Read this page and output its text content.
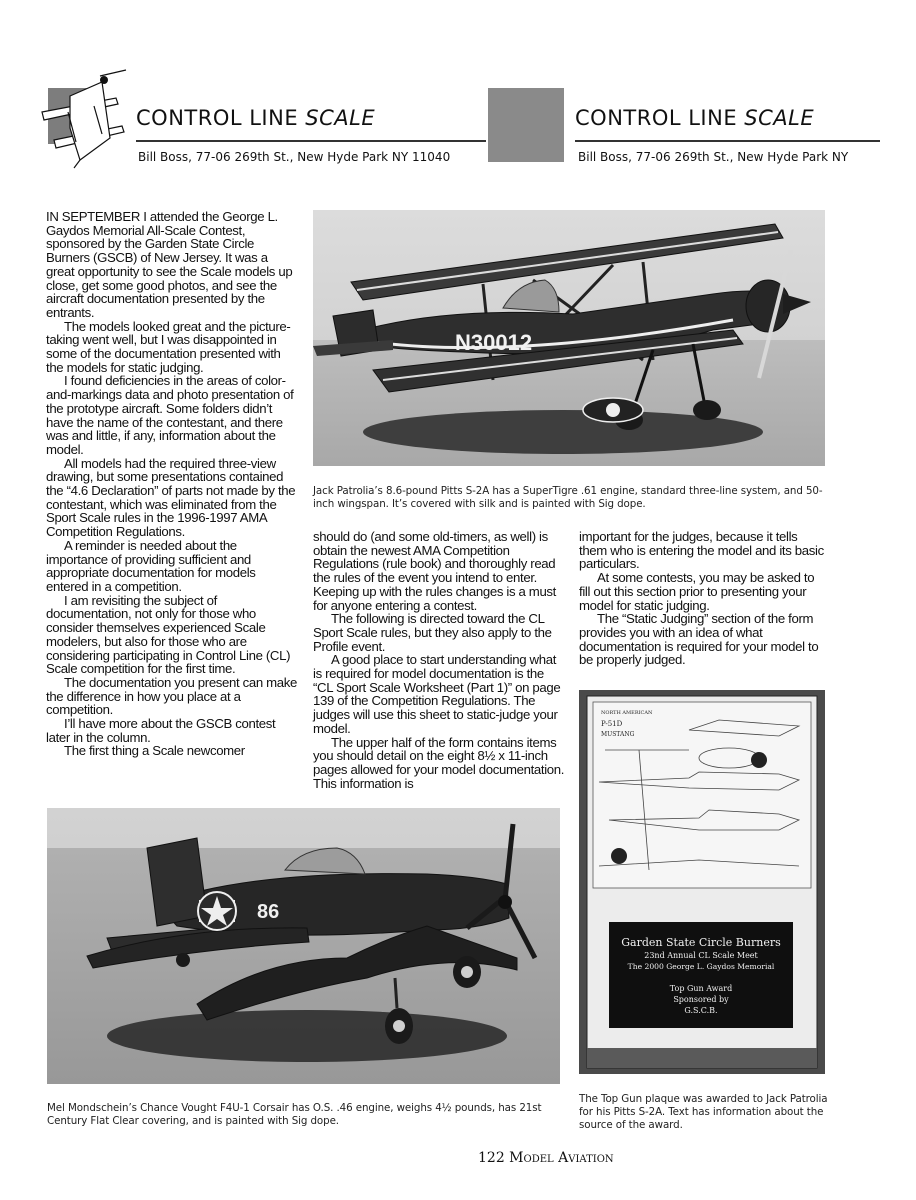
CONTROL LINE SCALE
Bill Boss, 77-06 269th St., New Hyde Park NY 11040
CONTROL LINE SCALE
Bill Boss, 77-06 269th St., New Hyde Park NY

IN SEPTEMBER I attended the George L. Gaydos Memorial All-Scale Contest, sponsored by the Garden State Circle Burners (GSCB) of New Jersey. It was a great opportunity to see the Scale models up close, get some good photos, and see the aircraft documentation presented by the entrants.

The models looked great and the picture-taking went well, but I was disappointed in some of the documentation presented with the models for static judging.

I found deficiencies in the areas of color-and-markings data and photo presentation of the prototype aircraft. Some folders didn’t have the name of the contestant, and there was and little, if any, information about the model.

All models had the required three-view drawing, but some presentations contained the “4.6 Declaration” of parts not made by the contestant, which was eliminated from the Sport Scale rules in the 1996-1997 AMA Competition Regulations.

A reminder is needed about the importance of providing sufficient and appropriate documentation for models entered in a competition.

I am revisiting the subject of documentation, not only for those who consider themselves experienced Scale modelers, but also for those who are considering participating in Control Line (CL) Scale competition for the first time.

The documentation you present can make the difference in how you place at a competition.

I’ll have more about the GSCB contest later in the column.

The first thing a Scale newcomer

should do (and some old-timers, as well) is obtain the newest AMA Competition Regulations (rule book) and thoroughly read the rules of the event you intend to enter. Keeping up with the rules changes is a must for anyone entering a contest.

The following is directed toward the CL Sport Scale rules, but they also apply to the Profile event.

A good place to start understanding what is required for model documentation is the “CL Sport Scale Worksheet (Part 1)” on page 139 of the Competition Regulations. The judges will use this sheet to static-judge your model.

The upper half of the form contains items you should detail on the eight 8½ x 11-inch pages allowed for your model documentation. This information is

important for the judges, because it tells them who is entering the model and its basic particulars.

At some contests, you may be asked to fill out this section prior to presenting your model for static judging.

The “Static Judging” section of the form provides you with an idea of what documentation is required for your model to be properly judged.

N30012
Jack Patrolia’s 8.6-pound Pitts S-2A has a SuperTigre .61 engine, standard three-line system, and 50-inch wingspan. It’s covered with silk and is painted with Sig dope.
86
Mel Mondschein’s Chance Vought F4U-1 Corsair has O.S. .46 engine, weighs 4½ pounds, has 21st Century Flat Clear covering, and is painted with Sig dope.
NORTH AMERICAN
P-51D
MUSTANG
Garden State Circle Burners
23nd Annual CL Scale Meet
The 2000 George L. Gaydos Memorial
Top Gun Award
Sponsored by
G.S.C.B.
The Top Gun plaque was awarded to Jack Patrolia for his Pitts S-2A. Text has information about the source of the award.
122 Model Aviation
